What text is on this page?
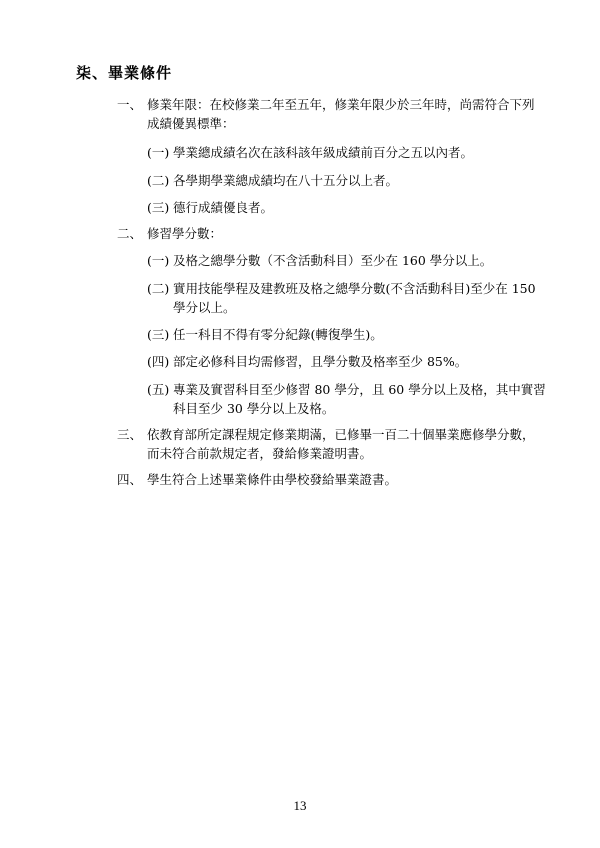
柒、畢業條件
一、 修業年限：在校修業二年至五年，修業年限少於三年時，尚需符合下列
成績優異標準：
(一) 學業總成績名次在該科該年級成績前百分之五以內者。
(二) 各學期學業總成績均在八十五分以上者。
(三) 德行成績優良者。
二、 修習學分數：
(一) 及格之總學分數（不含活動科目）至少在 160 學分以上。
(二) 實用技能學程及建教班及格之總學分數(不含活動科目)至少在 150
學分以上。
(三) 任一科目不得有零分紀錄(轉復學生)。
(四) 部定必修科目均需修習，且學分數及格率至少 85%。
(五) 專業及實習科目至少修習 80 學分，且 60 學分以上及格，其中實習
科目至少 30 學分以上及格。
三、 依教育部所定課程規定修業期滿，已修畢一百二十個畢業應修學分數，
而未符合前款規定者，發給修業證明書。
四、 學生符合上述畢業條件由學校發給畢業證書。
13
